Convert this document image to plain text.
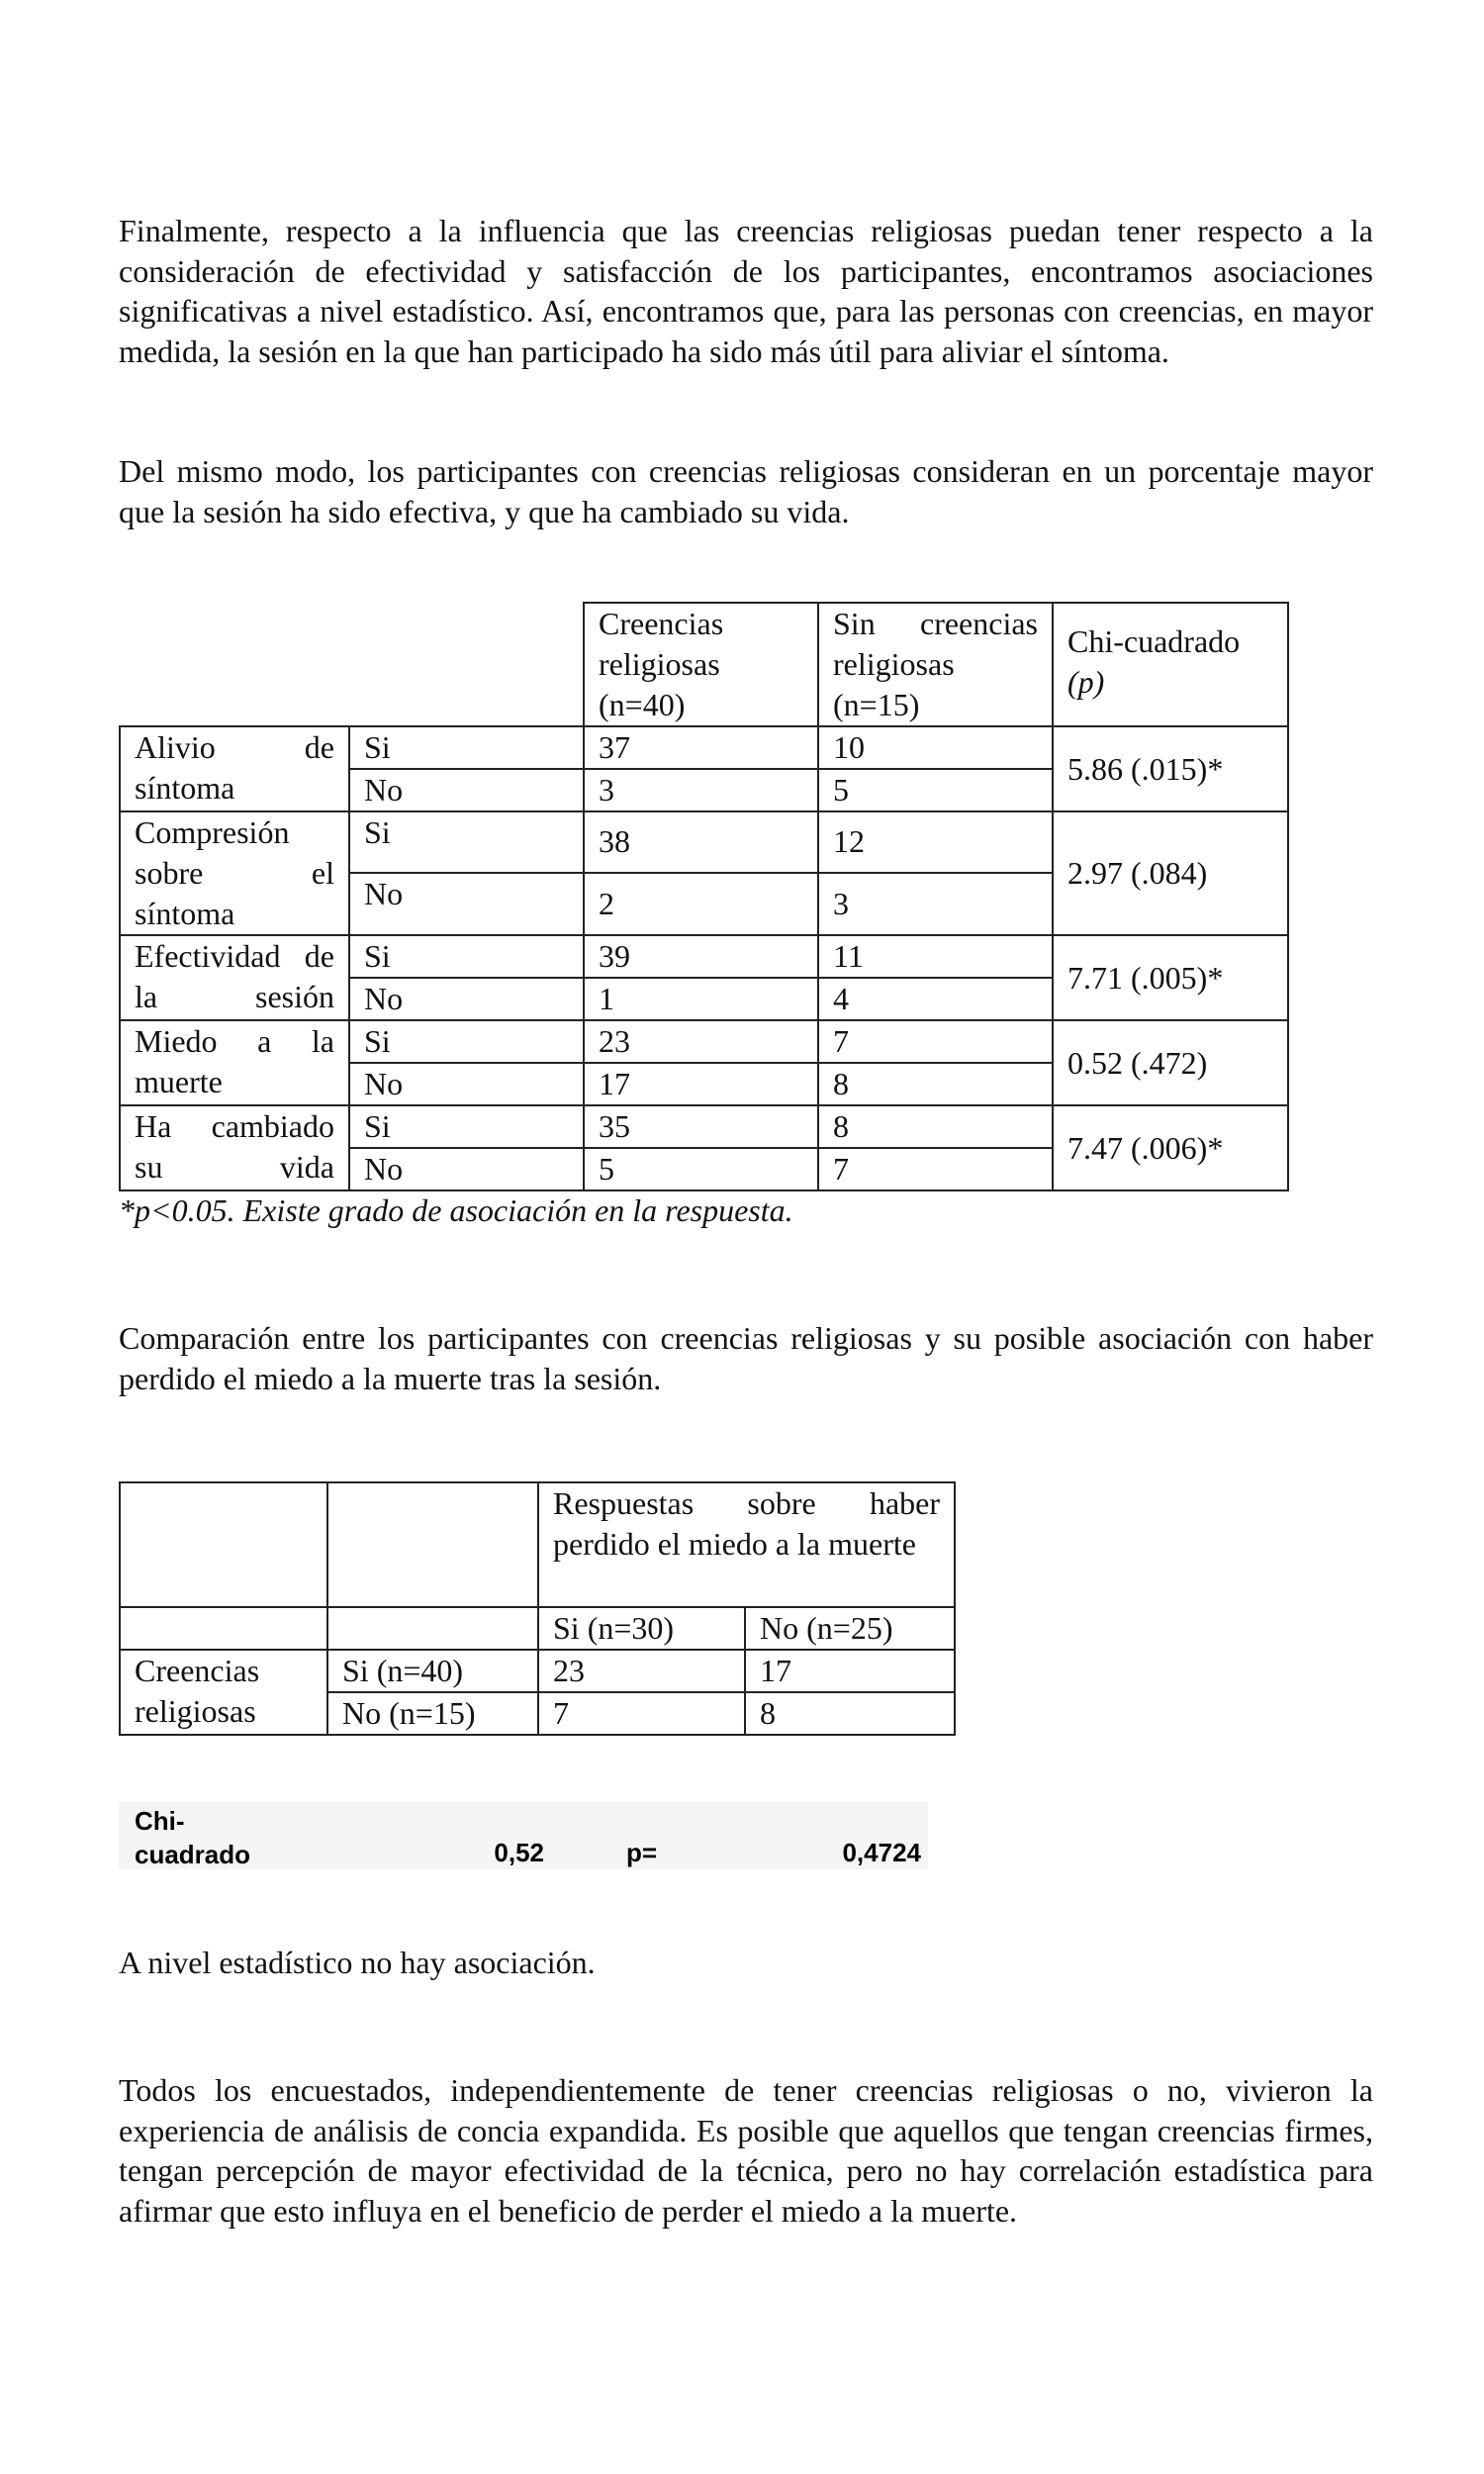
Finalmente, respecto a la influencia que las creencias religiosas puedan tener respecto a la consideración de efectividad y satisfacción de los participantes, encontramos asociaciones significativas a nivel estadístico. Así, encontramos que, para las personas con creencias, en mayor medida, la sesión en la que han participado ha sido más útil para aliviar el síntoma.

Del mismo modo, los participantes con creencias religiosas consideran en un porcentaje mayor que la sesión ha sido efectiva, y que ha cambiado su vida.

		Creencias religiosas (n=40)	Sin creencias religiosas (n=15)	Chi-cuadrado
(p)
Alivio de síntoma	Si	37	10	5.86 (.015)*
	No	3	5	
Compresión sobre el síntoma	Si	38	12	2.97 (.084)
	No	2	3	
Efectividad de la sesión	Si	39	11	7.71 (.005)*
	No	1	4	
Miedo a la muerte	Si	23	7	0.52 (.472)
	No	17	8	
Ha cambiado su vida	Si	35	8	7.47 (.006)*
	No	5	7	
*p<0.05. Existe grado de asociación en la respuesta.

Comparación entre los participantes con creencias religiosas y su posible asociación con haber perdido el miedo a la muerte tras la sesión.

		Respuestas sobre haber perdido el miedo a la muerte	
		Si (n=30)	No (n=25)
Creencias religiosas	Si (n=40)	23	17
	No (n=15)	7	8
Chi-cuadrado	0,52	p=	0,4724

A nivel estadístico no hay asociación.

Todos los encuestados, independientemente de tener creencias religiosas o no, vivieron la experiencia de análisis de concia expandida. Es posible que aquellos que tengan creencias firmes, tengan percepción de mayor efectividad de la técnica, pero no hay correlación estadística para afirmar que esto influya en el beneficio de perder el miedo a la muerte.
